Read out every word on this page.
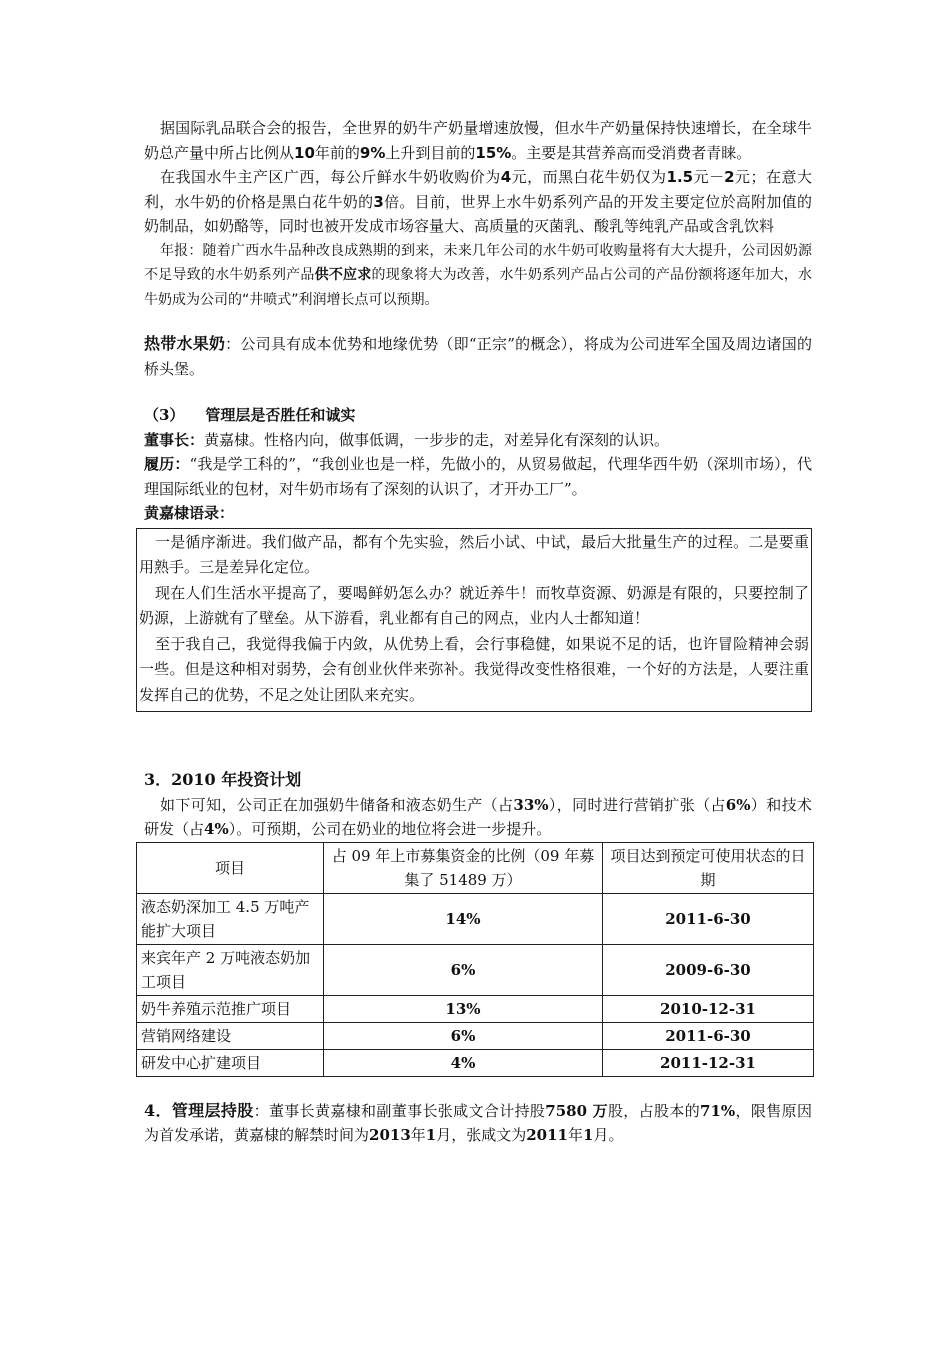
据国际乳品联合会的报告，全世界的奶牛产奶量增速放慢，但水牛产奶量保持快速增长，在全球牛奶总产量中所占比例从10年前的9%上升到目前的15%。主要是其营养高而受消费者青睐。

在我国水牛主产区广西，每公斤鲜水牛奶收购价为4元，而黑白花牛奶仅为1.5元－2元；在意大利，水牛奶的价格是黑白花牛奶的3倍。目前，世界上水牛奶系列产品的开发主要定位於高附加值的奶制品，如奶酪等，同时也被开发成市场容量大、高质量的灭菌乳、酸乳等纯乳产品或含乳饮料

年报：随着广西水牛品种改良成熟期的到来，未来几年公司的水牛奶可收购量将有大大提升，公司因奶源不足导致的水牛奶系列产品供不应求的现象将大为改善，水牛奶系列产品占公司的产品份额将逐年加大，水牛奶成为公司的“井喷式”利润增长点可以预期。

热带水果奶：公司具有成本优势和地缘优势（即“正宗”的概念），将成为公司进军全国及周边诸国的桥头堡。

（3） 管理层是否胜任和诚实

董事长：黄嘉棣。性格内向，做事低调，一步步的走，对差异化有深刻的认识。

履历：“我是学工科的”，“我创业也是一样，先做小的，从贸易做起，代理华西牛奶（深圳市场），代理国际纸业的包材，对牛奶市场有了深刻的认识了，才开办工厂”。

黄嘉棣语录：

一是循序渐进。我们做产品，都有个先实验，然后小试、中试，最后大批量生产的过程。二是要重用熟手。三是差异化定位。

现在人们生活水平提高了，要喝鲜奶怎么办？就近养牛！而牧草资源、奶源是有限的，只要控制了奶源，上游就有了壁垒。从下游看，乳业都有自己的网点，业内人士都知道！

至于我自己，我觉得我偏于内敛，从优势上看，会行事稳健，如果说不足的话，也许冒险精神会弱一些。但是这种相对弱势，会有创业伙伴来弥补。我觉得改变性格很难，一个好的方法是，人要注重发挥自己的优势，不足之处让团队来充实。

3．2010 年投资计划

如下可知，公司正在加强奶牛储备和液态奶生产（占33%），同时进行营销扩张（占6%）和技术研发（占4%）。可预期，公司在奶业的地位将会进一步提升。

项目	占 09 年上市募集资金的比例（09 年募集了 51489 万）	项目达到预定可使用状态的日期
液态奶深加工 4.5 万吨产能扩大项目	14%	2011-6-30
来宾年产 2 万吨液态奶加工项目	6%	2009-6-30
奶牛养殖示范推广项目	13%	2010-12-31
营销网络建设	6%	2011-6-30
研发中心扩建项目	4%	2011-12-31

4．管理层持股：董事长黄嘉棣和副董事长张咸文合计持股7580 万股，占股本的71%，限售原因为首发承诺，黄嘉棣的解禁时间为2013年1月，张咸文为2011年1月。
